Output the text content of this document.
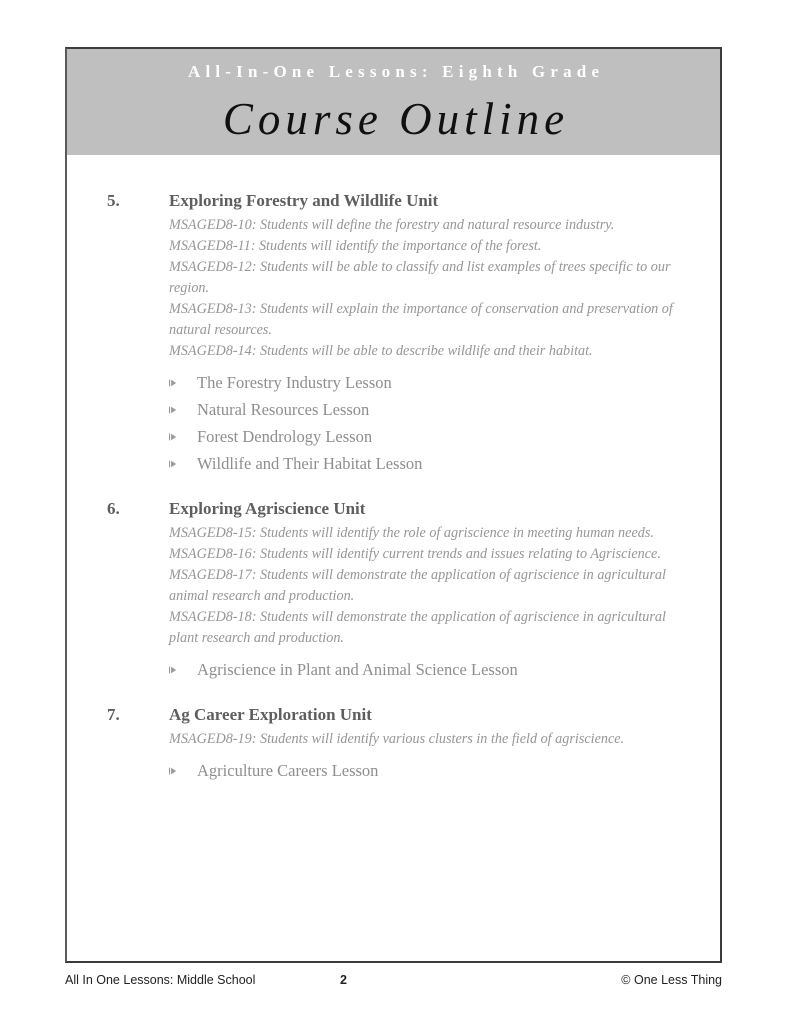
All-In-One Lessons: Eighth Grade
Course Outline
5.	Exploring Forestry and Wildlife Unit

MSAGED8-10: Students will define the forestry and natural resource industry.

MSAGED8-11: Students will identify the importance of the forest.

MSAGED8-12: Students will be able to classify and list examples of trees specific to our region.

MSAGED8-13: Students will explain the importance of conservation and preservation of natural resources.

MSAGED8-14: Students will be able to describe wildlife and their habitat.

The Forestry Industry Lesson
Natural Resources Lesson
Forest Dendrology Lesson
Wildlife and Their Habitat Lesson
6.	Exploring Agriscience Unit

MSAGED8-15: Students will identify the role of agriscience in meeting human needs.

MSAGED8-16: Students will identify current trends and issues relating to Agriscience.

MSAGED8-17: Students will demonstrate the application of agriscience in agricultural animal research and production.

MSAGED8-18: Students will demonstrate the application of agriscience in agricultural plant research and production.

Agriscience in Plant and Animal Science Lesson
7.	Ag Career Exploration Unit

MSAGED8-19: Students will identify various clusters in the field of agriscience.

Agriculture Careers Lesson
All In One Lessons: Middle School	2	© One Less Thing
